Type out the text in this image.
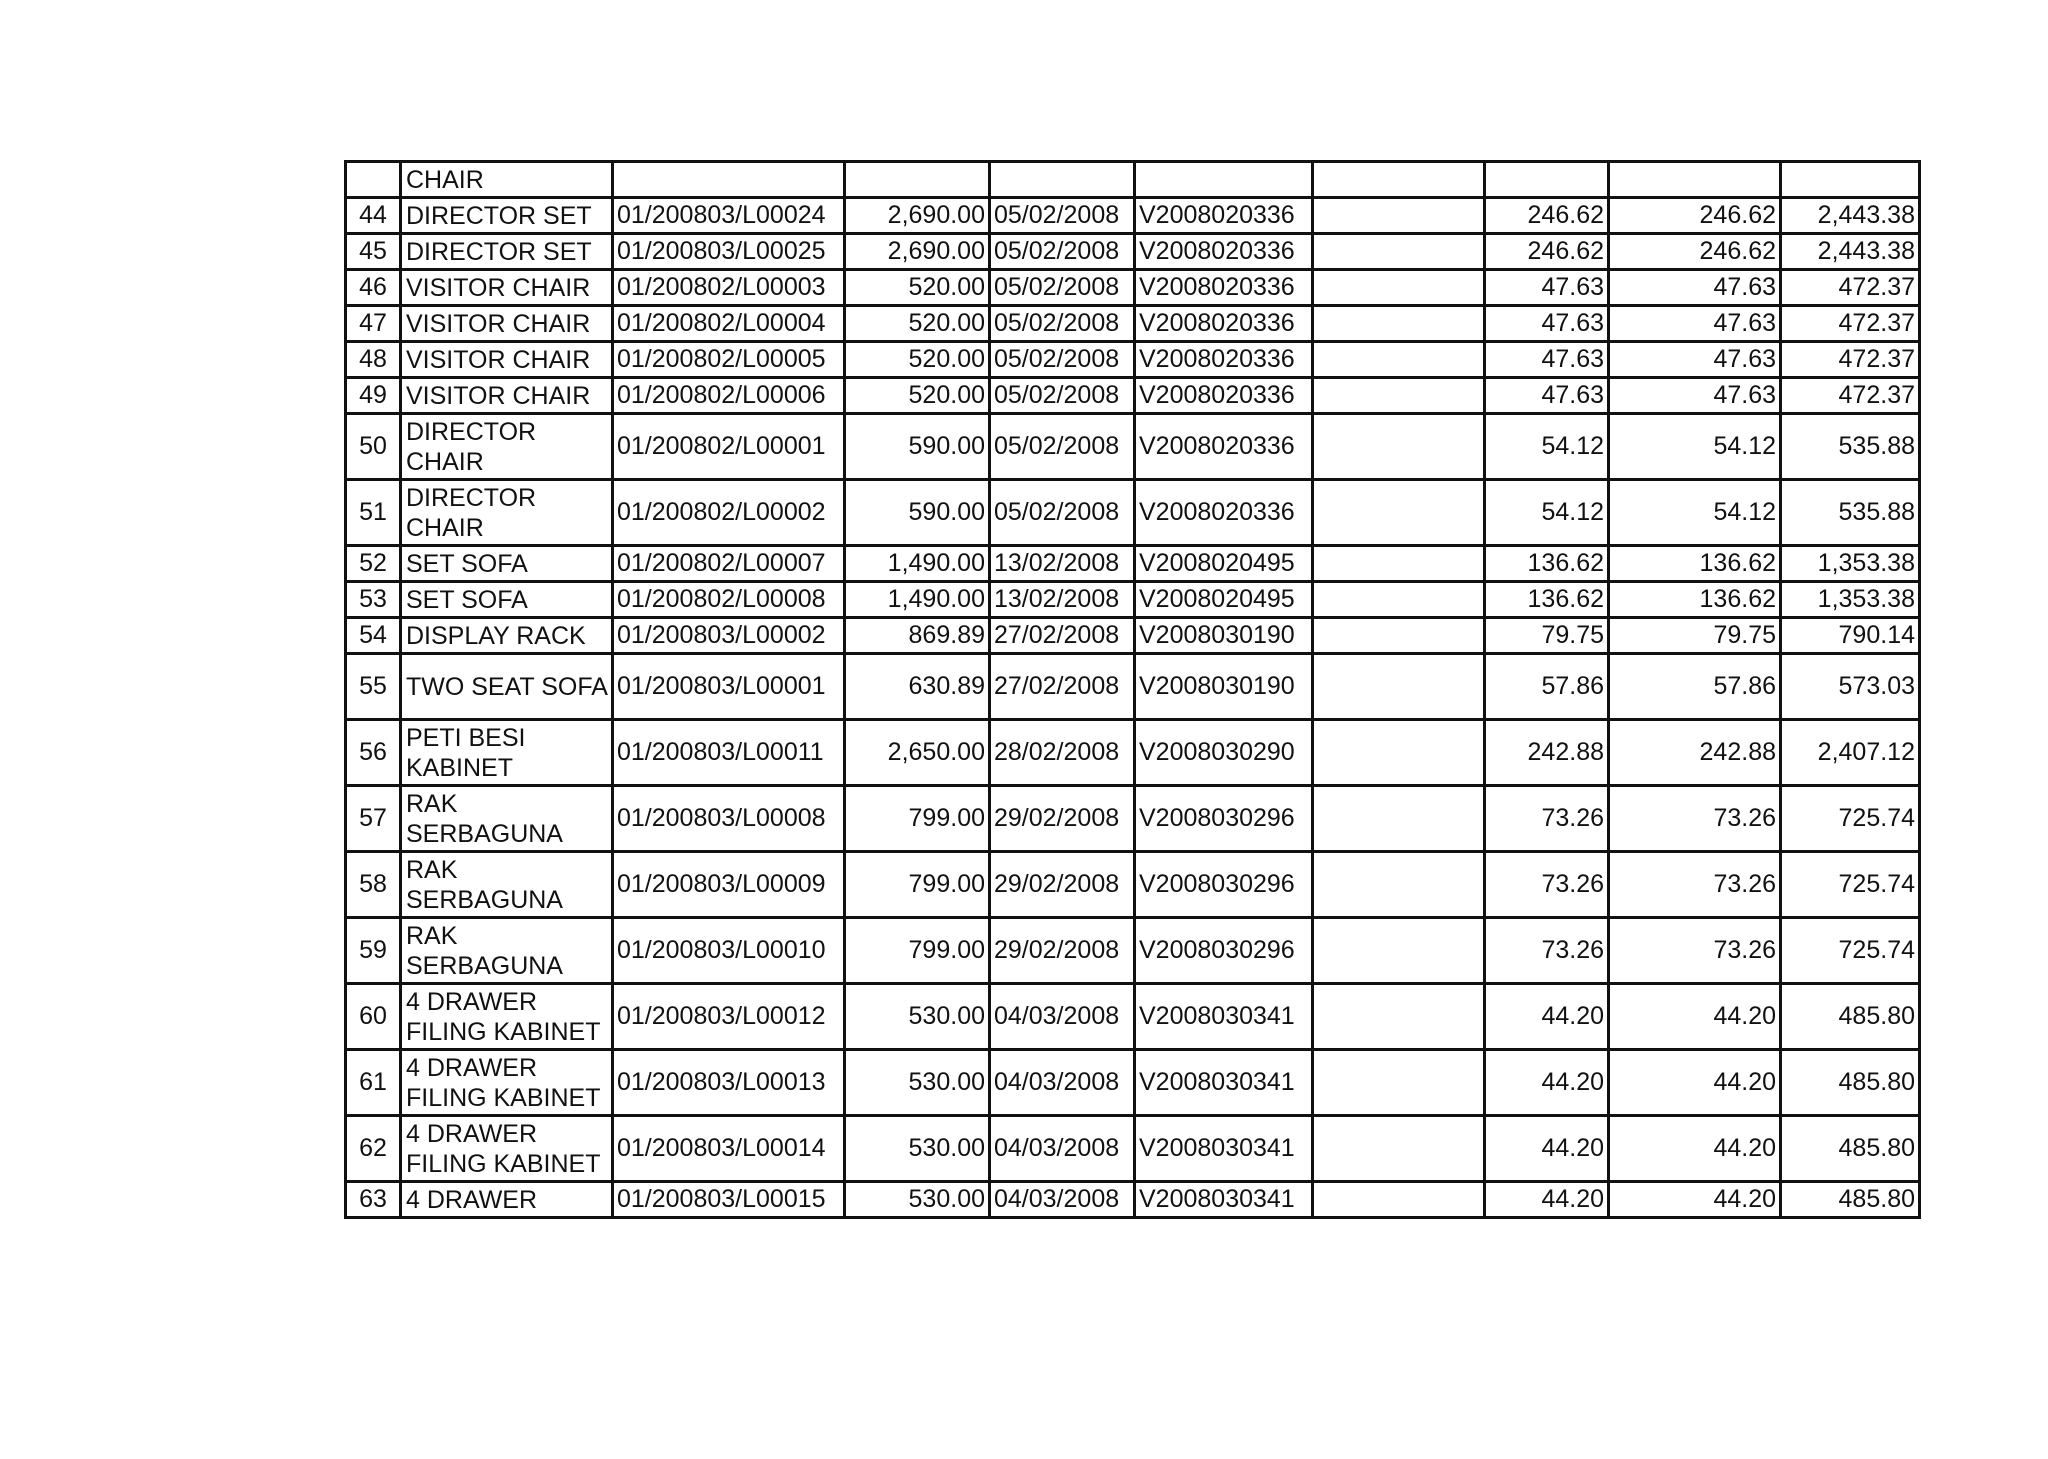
	CHAIR								
44	DIRECTOR SET	01/200803/L00024	2,690.00	05/02/2008	V2008020336		246.62	246.62	2,443.38
45	DIRECTOR SET	01/200803/L00025	2,690.00	05/02/2008	V2008020336		246.62	246.62	2,443.38
46	VISITOR CHAIR	01/200802/L00003	520.00	05/02/2008	V2008020336		47.63	47.63	472.37
47	VISITOR CHAIR	01/200802/L00004	520.00	05/02/2008	V2008020336		47.63	47.63	472.37
48	VISITOR CHAIR	01/200802/L00005	520.00	05/02/2008	V2008020336		47.63	47.63	472.37
49	VISITOR CHAIR	01/200802/L00006	520.00	05/02/2008	V2008020336		47.63	47.63	472.37
50	DIRECTOR CHAIR	01/200802/L00001	590.00	05/02/2008	V2008020336		54.12	54.12	535.88
51	DIRECTOR CHAIR	01/200802/L00002	590.00	05/02/2008	V2008020336		54.12	54.12	535.88
52	SET SOFA	01/200802/L00007	1,490.00	13/02/2008	V2008020495		136.62	136.62	1,353.38
53	SET SOFA	01/200802/L00008	1,490.00	13/02/2008	V2008020495		136.62	136.62	1,353.38
54	DISPLAY RACK	01/200803/L00002	869.89	27/02/2008	V2008030190		79.75	79.75	790.14
55	TWO SEAT SOFA	01/200803/L00001	630.89	27/02/2008	V2008030190		57.86	57.86	573.03
56	PETI BESI KABINET	01/200803/L00011	2,650.00	28/02/2008	V2008030290		242.88	242.88	2,407.12
57	RAK SERBAGUNA	01/200803/L00008	799.00	29/02/2008	V2008030296		73.26	73.26	725.74
58	RAK SERBAGUNA	01/200803/L00009	799.00	29/02/2008	V2008030296		73.26	73.26	725.74
59	RAK SERBAGUNA	01/200803/L00010	799.00	29/02/2008	V2008030296		73.26	73.26	725.74
60	4 DRAWER FILING KABINET	01/200803/L00012	530.00	04/03/2008	V2008030341		44.20	44.20	485.80
61	4 DRAWER FILING KABINET	01/200803/L00013	530.00	04/03/2008	V2008030341		44.20	44.20	485.80
62	4 DRAWER FILING KABINET	01/200803/L00014	530.00	04/03/2008	V2008030341		44.20	44.20	485.80
63	4 DRAWER	01/200803/L00015	530.00	04/03/2008	V2008030341		44.20	44.20	485.80
